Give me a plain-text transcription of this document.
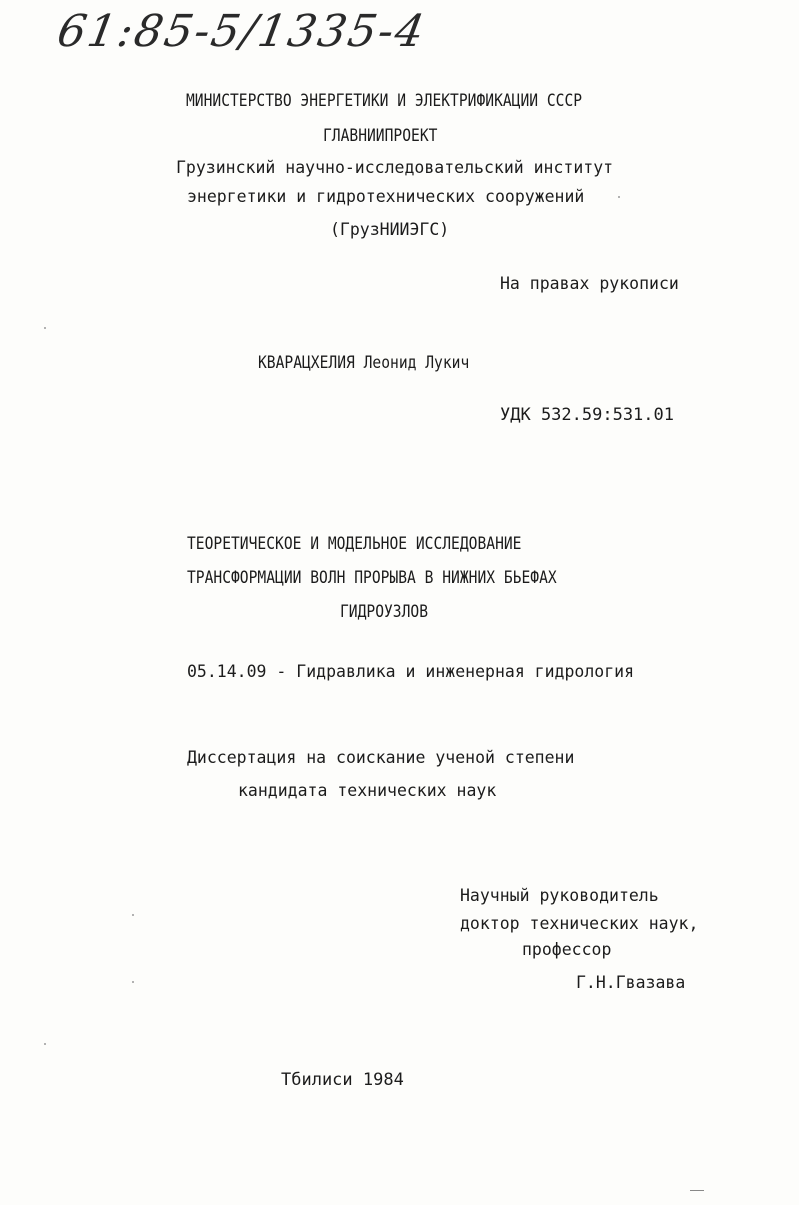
61:85-5/1335-4
МИНИСТЕРСТВО ЭНЕРГЕТИКИ И ЭЛЕКТРИФИКАЦИИ СССР
ГЛАВНИИПРОЕКТ
Грузинский научно-исследовательский институт
энергетики и гидротехнических сооружений
(ГрузНИИЭГС)
На правах рукописи
КВАРАЦХЕЛИЯ Леонид Лукич
УДК 532.59:531.01
ТЕОРЕТИЧЕСКОЕ И МОДЕЛЬНОЕ ИССЛЕДОВАНИЕ
ТРАНСФОРМАЦИИ ВОЛН ПРОРЫВА В НИЖНИХ БЬЕФАХ
ГИДРОУЗЛОВ
05.14.09 - Гидравлика и инженерная гидрология
Диссертация на соискание ученой степени
кандидата технических наук
Научный руководитель
доктор технических наук,
профессор
Г.Н.Гвазава
Тбилиси 1984
